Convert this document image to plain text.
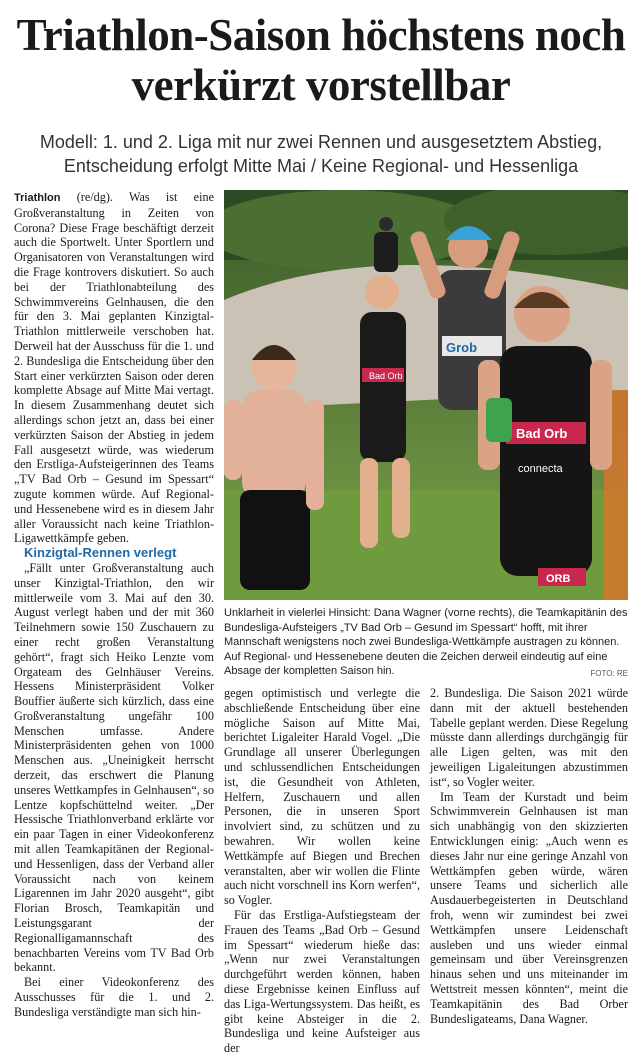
Triathlon-Saison höchstens noch verkürzt vorstellbar
Modell: 1. und 2. Liga mit nur zwei Rennen und ausgesetztem Abstieg, Entscheidung erfolgt Mitte Mai / Keine Regional- und Hessenliga

Triathlon (re/dg). Was ist eine Großveranstaltung in Zeiten von Corona? Diese Frage beschäftigt derzeit auch die Sportwelt. Unter Sportlern und Organisatoren von Veranstaltungen wird die Frage kontrovers diskutiert. So auch bei der Triathlonabteilung des Schwimmvereins Gelnhausen, die den für den 3. Mai geplanten Kinzigtal-Triathlon mittlerweile verschoben hat. Derweil hat der Ausschuss für die 1. und 2. Bundesliga die Entscheidung über den Start einer verkürzten Saison oder deren komplette Absage auf Mitte Mai vertagt. In diesem Zusammenhang deutet sich allerdings schon jetzt an, dass bei einer verkürzten Saison der Abstieg in jedem Fall ausgesetzt würde, was wiederum den Erstliga-Aufsteigerinnen des Teams „TV Bad Orb – Gesund im Spessart“ zugute kommen würde. Auf Regional- und Hessenebene wird es in diesem Jahr aller Voraussicht nach keine Triathlon-Ligawettkämpfe geben.

Kinzigtal-Rennen verlegt

„Fällt unter Großveranstaltung auch unser Kinzigtal-Triathlon, den wir mittlerweile vom 3. Mai auf den 30. August verlegt haben und der mit 360 Teilnehmern sowie 150 Zuschauern zu einer recht großen Veranstaltung gehört“, fragt sich Heiko Lenzte vom Orgateam des Gelnhäuser Vereins. Hessens Ministerpräsident Volker Bouffier äußerte sich kürzlich, dass eine Großveranstaltung ungefähr 100 Menschen umfasse. Andere Ministerpräsidenten gehen von 1000 Menschen aus. „Uneinigkeit herrscht derzeit, das erschwert die Planung unseres Wettkampfes in Gelnhausen“, so Lentze kopfschüttelnd weiter. „Der Hessische Triathlonverband erklärte vor ein paar Tagen in einer Videokonferenz mit allen Teamkapitänen der Regional- und Hessenligen, dass der Verband aller Voraussicht nach von keinem Ligarennen im Jahr 2020 ausgeht“, gibt Florian Brosch, Teamkapitän und Leistungsgarant der Regionalligamannschaft des benachbarten Vereins vom TV Bad Orb bekannt.

Bei einer Videokonferenz des Ausschusses für die 1. und 2. Bundesliga verständigte man sich hin-

Bad Orb
Grob
Bad Orb
connecta
ORB
Unklarheit in vielerlei Hinsicht: Dana Wagner (vorne rechts), die Teamkapitänin des Bundesliga-Aufsteigers „TV Bad Orb – Gesund im Spessart“ hofft, mit ihrer Mannschaft wenigstens noch zwei Bundesliga-Wettkämpfe austragen zu können. Auf Regional- und Hessenebene deuten die Zeichen derweil eindeutig auf eine Absage der kompletten Saison hin.	FOTO: RE

gegen optimistisch und verlegte die abschließende Entscheidung über eine mögliche Saison auf Mitte Mai, berichtet Ligaleiter Harald Vogel. „Die Grundlage all unserer Überlegungen und schlussendlichen Entscheidungen ist, die Gesundheit von Athleten, Helfern, Zuschauern und allen Personen, die in unseren Sport involviert sind, zu schützen und zu bewahren. Wir wollen keine Wettkämpfe auf Biegen und Brechen veranstalten, aber wir wollen die Flinte auch nicht vorschnell ins Korn werfen“, so Vogler.

Für das Erstliga-Aufstiegsteam der Frauen des Teams „Bad Orb – Gesund im Spessart“ wiederum hieße das: „Wenn nur zwei Veranstaltungen durchgeführt werden können, haben diese Ergebnisse keinen Einfluss auf das Liga-Wertungssystem. Das heißt, es gibt keine Absteiger in die 2. Bundesliga und keine Aufsteiger aus der

2. Bundesliga. Die Saison 2021 würde dann mit der aktuell bestehenden Tabelle geplant werden. Diese Regelung müsste dann allerdings durchgängig für alle Ligen gelten, was mit den jeweiligen Ligaleitungen abzustimmen ist“, so Vogler weiter.

Im Team der Kurstadt und beim Schwimmverein Gelnhausen ist man sich unabhängig von den skizzierten Entwicklungen einig: „Auch wenn es dieses Jahr nur eine geringe Anzahl von Wettkämpfen geben würde, wären unsere Teams und sicherlich alle Ausdauerbegeisterten in Deutschland froh, wenn wir zumindest bei zwei Wettkämpfen unsere Leidenschaft ausleben und uns wieder einmal gemeinsam und über Vereinsgrenzen hinaus sehen und uns miteinander im Wettstreit messen könnten“, meint die Teamkapitänin des Bad Orber Bundesligateams, Dana Wagner.
